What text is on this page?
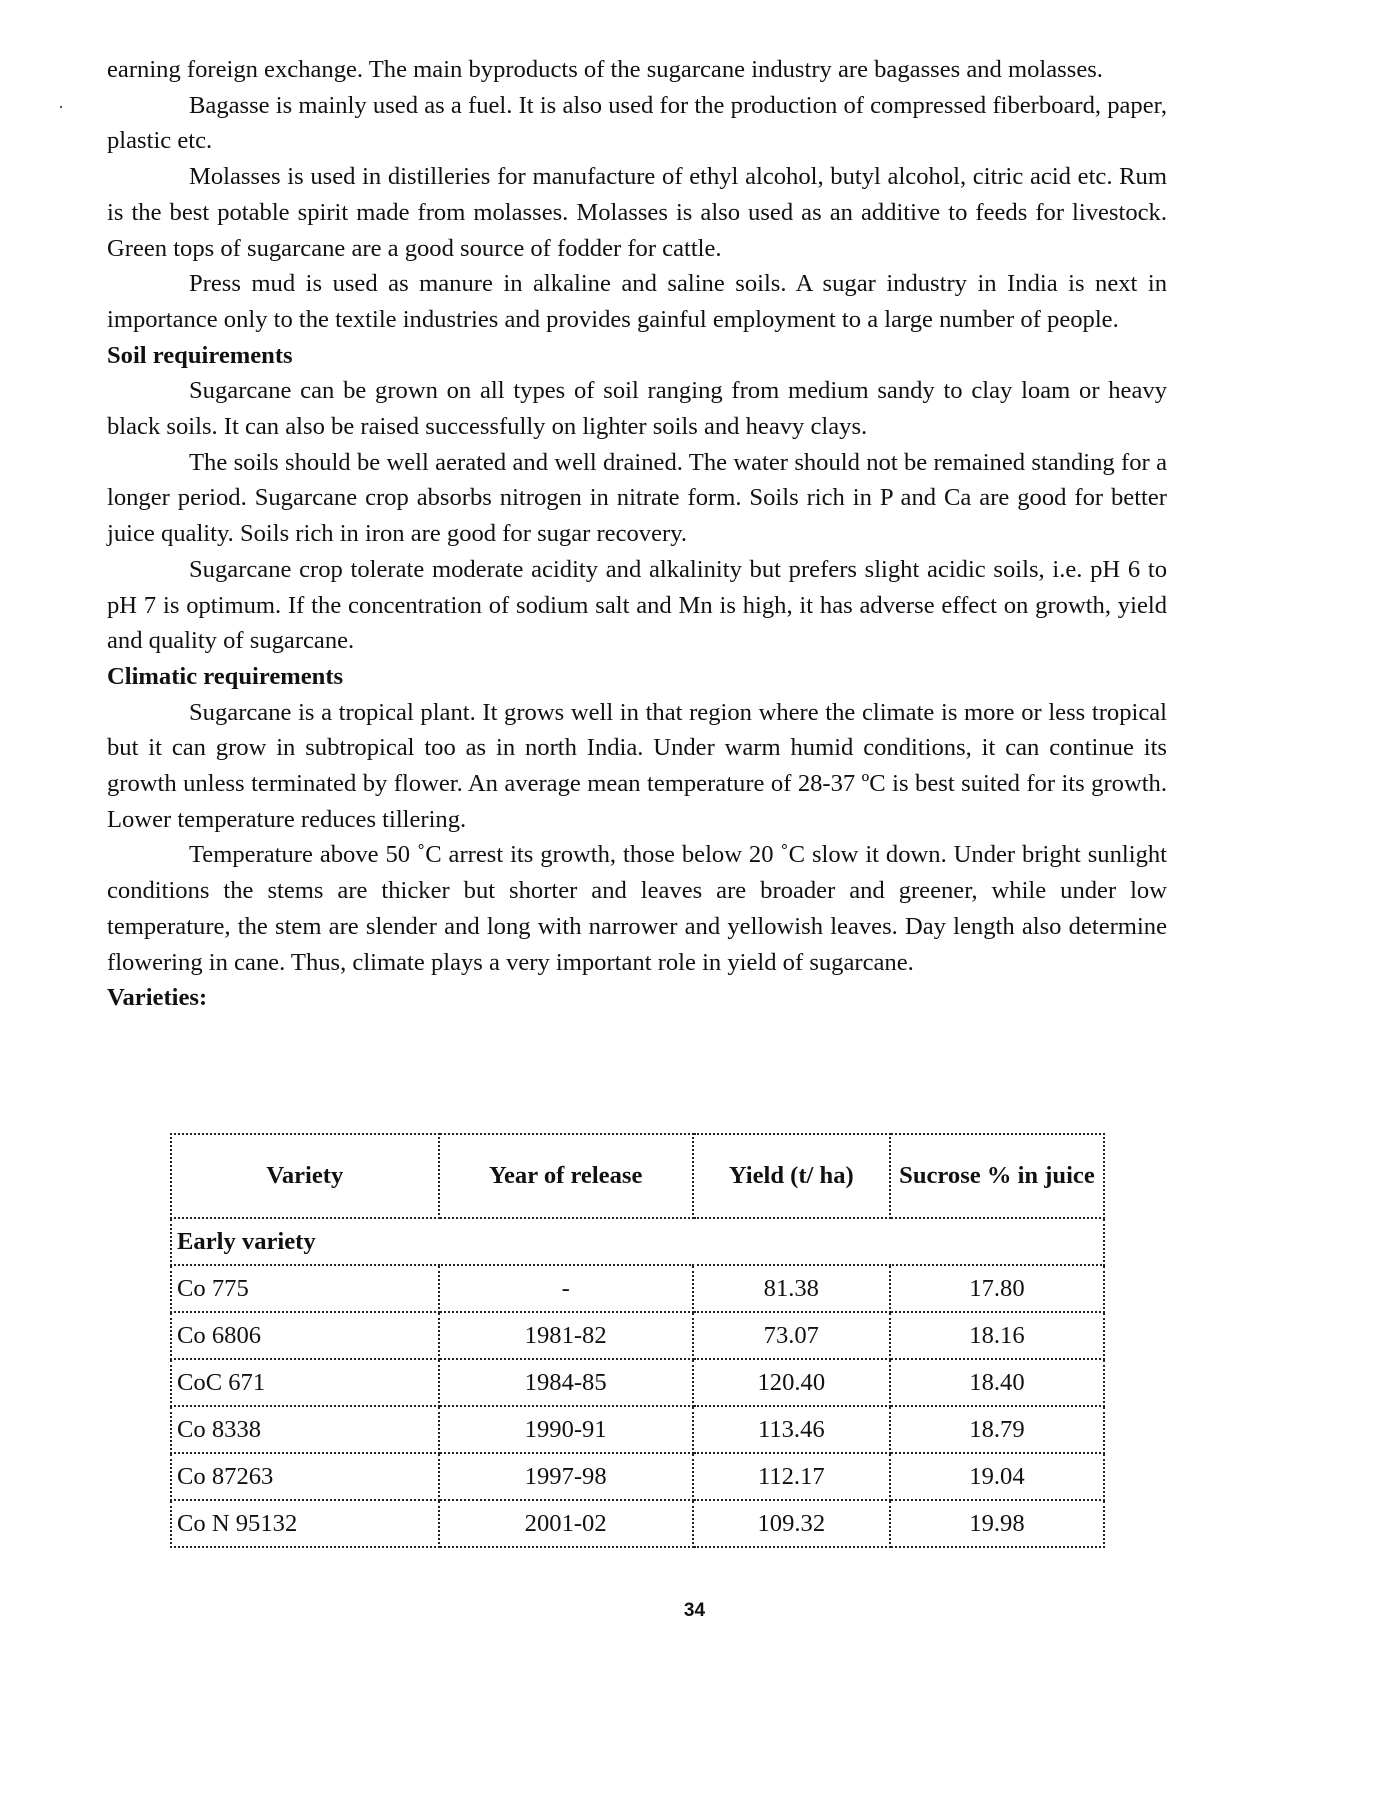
earning foreign exchange. The main byproducts of the sugarcane industry are bagasses and molasses.

Bagasse is mainly used as a fuel. It is also used for the production of compressed fiberboard, paper, plastic etc.

Molasses is used in distilleries for manufacture of ethyl alcohol, butyl alcohol, citric acid etc. Rum is the best potable spirit made from molasses. Molasses is also used as an additive to feeds for livestock. Green tops of sugarcane are a good source of fodder for cattle.

Press mud is used as manure in alkaline and saline soils. A sugar industry in India is next in importance only to the textile industries and provides gainful employment to a large number of people.

Soil requirements

Sugarcane can be grown on all types of soil ranging from medium sandy to clay loam or heavy black soils. It can also be raised successfully on lighter soils and heavy clays.

The soils should be well aerated and well drained. The water should not be remained standing for a longer period. Sugarcane crop absorbs nitrogen in nitrate form. Soils rich in P and Ca are good for better juice quality. Soils rich in iron are good for sugar recovery.

Sugarcane crop tolerate moderate acidity and alkalinity but prefers slight acidic soils, i.e. pH 6 to pH 7 is optimum. If the concentration of sodium salt and Mn is high, it has adverse effect on growth, yield and quality of sugarcane.

Climatic requirements

Sugarcane is a tropical plant. It grows well in that region where the climate is more or less tropical but it can grow in subtropical too as in north India. Under warm humid conditions, it can continue its growth unless terminated by flower. An average mean temperature of 28-37 ºC is best suited for its growth. Lower temperature reduces tillering.

Temperature above 50 ˚C arrest its growth, those below 20 ˚C slow it down. Under bright sunlight conditions the stems are thicker but shorter and leaves are broader and greener, while under low temperature, the stem are slender and long with narrower and yellowish leaves. Day length also determine flowering in cane. Thus, climate plays a very important role in yield of sugarcane.

Varieties:
Variety	Year of release	Yield (t/ ha)	Sucrose % in juice
Early variety			
Co 775	-	81.38	17.80
Co 6806	1981-82	73.07	18.16
CoC 671	1984-85	120.40	18.40
Co 8338	1990-91	113.46	18.79
Co 87263	1997-98	112.17	19.04
Co N 95132	2001-02	109.32	19.98
34
